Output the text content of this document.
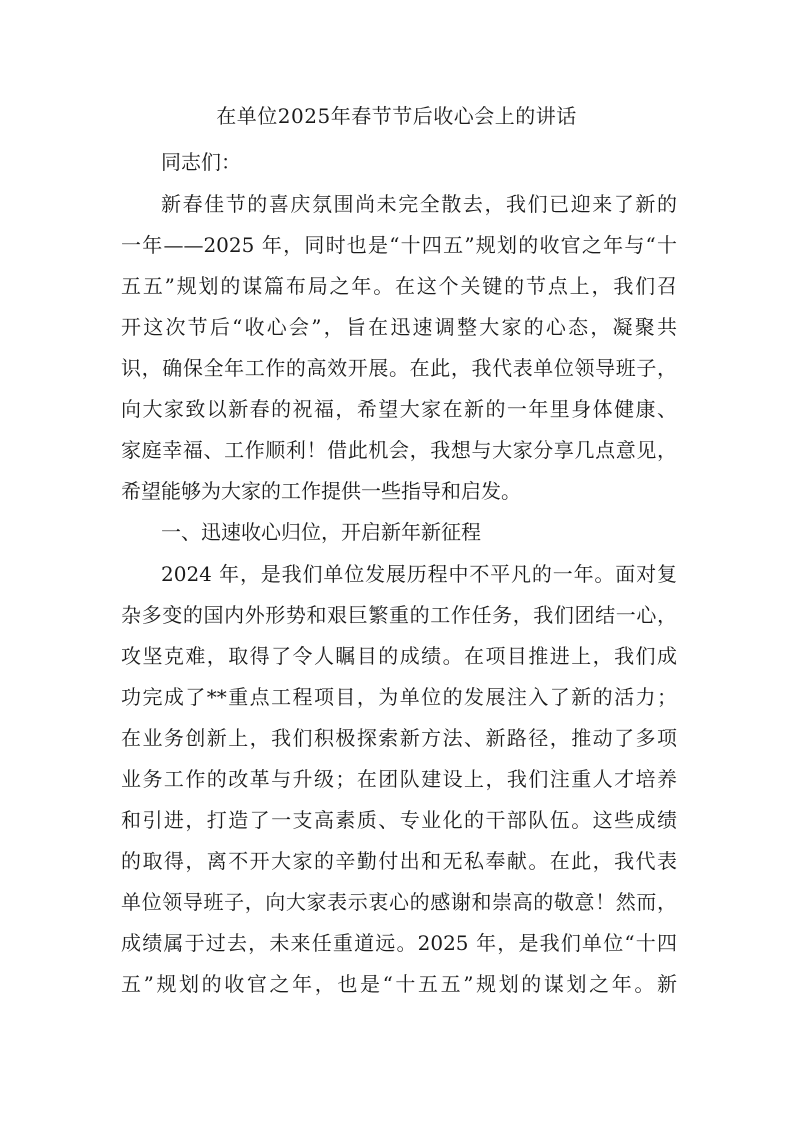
在单位2025年春节节后收心会上的讲话
同志们：
新春佳节的喜庆氛围尚未完全散去，我们已迎来了新的
一年——2025 年，同时也是“十四五”规划的收官之年与“十
五五”规划的谋篇布局之年。在这个关键的节点上，我们召
开这次节后“收心会”，旨在迅速调整大家的心态，凝聚共
识，确保全年工作的高效开展。在此，我代表单位领导班子，
向大家致以新春的祝福，希望大家在新的一年里身体健康、
家庭幸福、工作顺利！借此机会，我想与大家分享几点意见，
希望能够为大家的工作提供一些指导和启发。
一、迅速收心归位，开启新年新征程
2024 年，是我们单位发展历程中不平凡的一年。面对复
杂多变的国内外形势和艰巨繁重的工作任务，我们团结一心，
攻坚克难，取得了令人瞩目的成绩。在项目推进上，我们成
功完成了**重点工程项目，为单位的发展注入了新的活力；
在业务创新上，我们积极探索新方法、新路径，推动了多项
业务工作的改革与升级；在团队建设上，我们注重人才培养
和引进，打造了一支高素质、专业化的干部队伍。这些成绩
的取得，离不开大家的辛勤付出和无私奉献。在此，我代表
单位领导班子，向大家表示衷心的感谢和崇高的敬意！然而，
成绩属于过去，未来任重道远。2025 年，是我们单位“十四
五”规划的收官之年，也是“十五五”规划的谋划之年。新
